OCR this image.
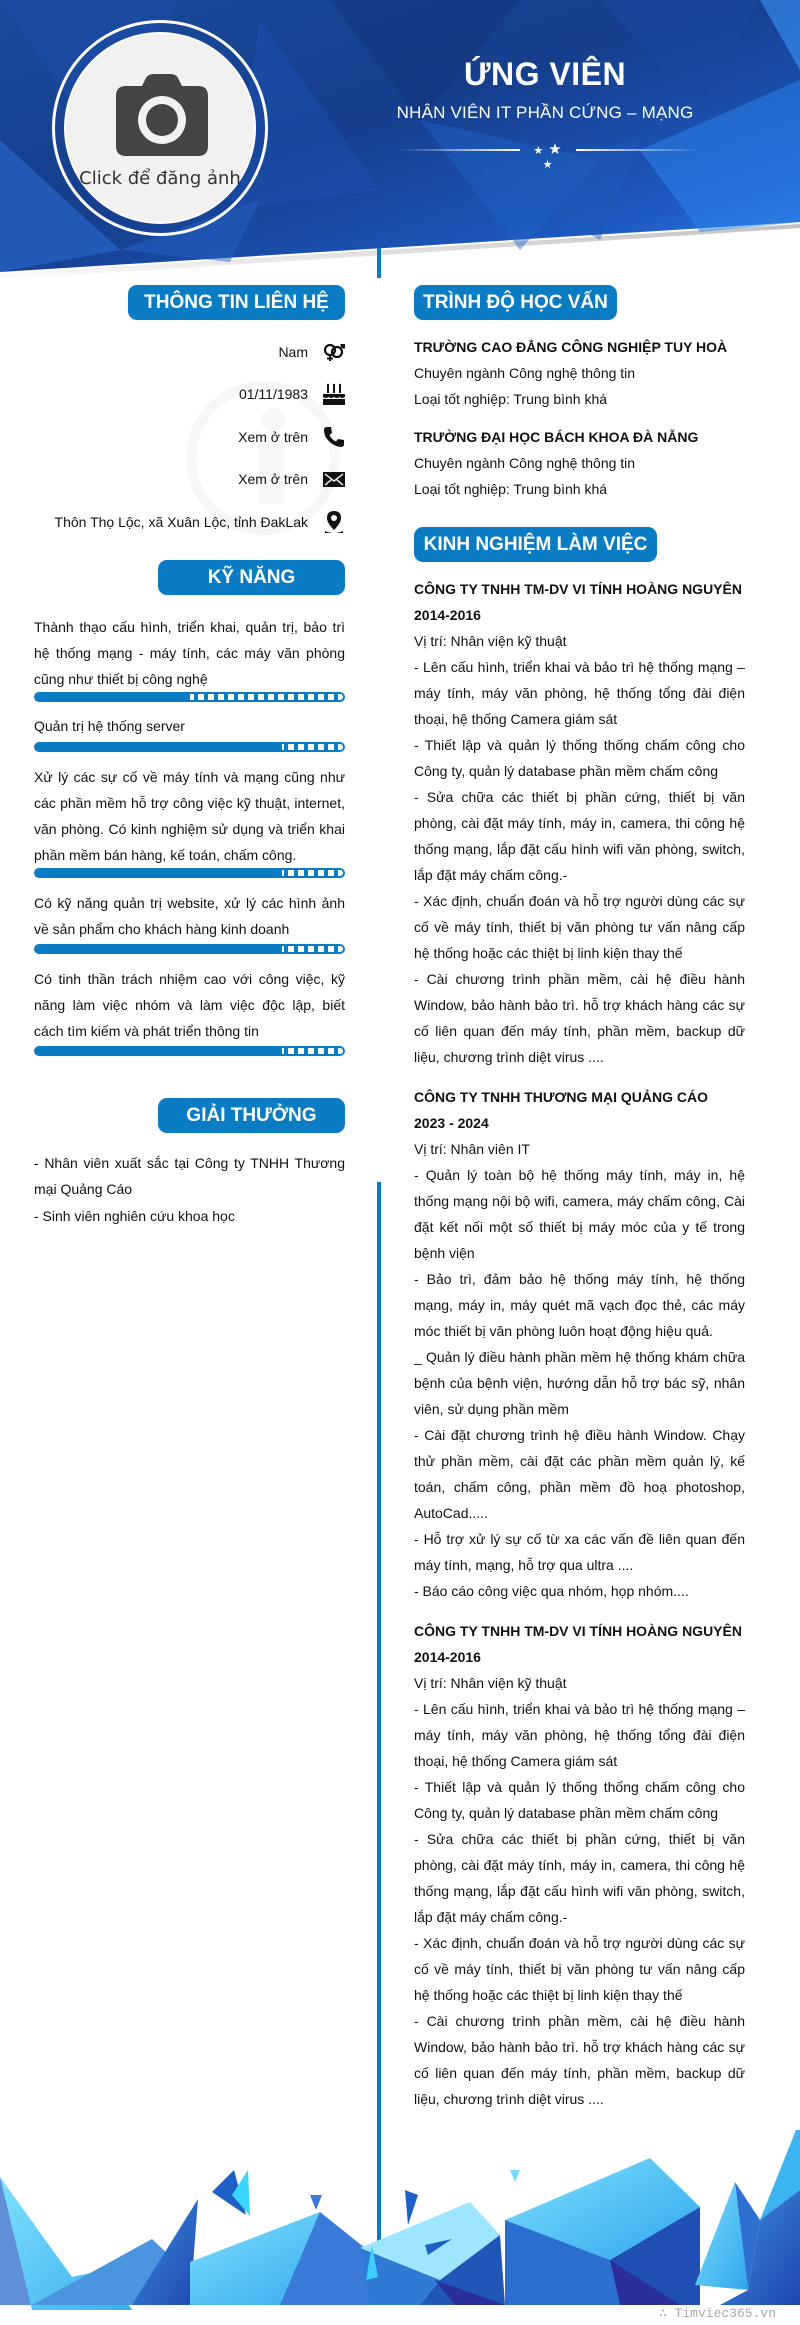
Click để đăng ảnh
ỨNG VIÊN
NHÂN VIÊN IT PHẦN CỨNG – MẠNG
★ ★ ★
THÔNG TIN LIÊN HỆ
Nam
01/11/1983
Xem ở trên
Xem ở trên
Thôn Thọ Lộc, xã Xuân Lộc, tỉnh ĐakLak
KỸ NĂNG
Thành thạo cấu hình, triển khai, quản trị, bảo trì hệ thống mạng - máy tính, các máy văn phòng cũng như thiết bị công nghệ
Quản trị hệ thống server
Xử lý các sự cố về máy tính và mạng cũng như các phần mềm hỗ trợ công việc kỹ thuật, internet, văn phòng. Có kinh nghiệm sử dụng và triển khai phần mềm bán hàng, kế toán, chấm công.
Có kỹ năng quản trị website, xử lý các hình ảnh về sản phẩm cho khách hàng kinh doanh
Có tinh thần trách nhiệm cao với công việc, kỹ năng làm việc nhóm và làm việc độc lập, biết cách tìm kiếm và phát triển thông tin
GIẢI THƯỞNG
- Nhân viên xuất sắc tại Công ty TNHH Thương mại Quảng Cáo
- Sinh viên nghiên cứu khoa học
TRÌNH ĐỘ HỌC VẤN
TRƯỜNG CAO ĐẲNG CÔNG NGHIỆP TUY HOÀ
Chuyên ngành Công nghệ thông tin
Loại tốt nghiệp: Trung bình khá
TRƯỜNG ĐẠI HỌC BÁCH KHOA ĐÀ NẴNG
Chuyên ngành Công nghệ thông tin
Loại tốt nghiệp: Trung bình khá
KINH NGHIỆM LÀM VIỆC
CÔNG TY TNHH TM-DV VI TÍNH HOÀNG NGUYÊN
2014-2016
Vị trí: Nhân viện kỹ thuật

- Lên cấu hình, triển khai và bảo trì hệ thống mạng – máy tính, máy văn phòng, hệ thống tổng đài điện thoại, hệ thống Camera giám sát

- Thiết lập và quản lý thống thống chấm công cho Công ty, quản lý database phần mềm chấm công

- Sửa chữa các thiết bị phần cứng, thiết bị văn phòng, cài đặt máy tính, máy in, camera, thi công hệ thống mạng, lắp đặt cấu hình wifi văn phòng, switch, lắp đặt máy chấm công.-

- Xác định, chuẩn đoán và hỗ trợ người dùng các sự cố về máy tính, thiết bị văn phòng tư vấn nâng cấp hệ thống hoặc các thiệt bị linh kiện thay thế

- Cài chương trình phần mềm, cài hệ điều hành Window, bảo hành bảo trì. hỗ trợ khách hàng các sự cố liên quan đến máy tính, phần mềm, backup dữ liệu, chương trình diệt virus ....

CÔNG TY TNHH THƯƠNG MẠI QUẢNG CÁO
2023 - 2024
Vị trí: Nhân viên IT

- Quản lý toàn bộ hệ thống máy tính, máy in, hệ thống mạng nội bộ wifi, camera, máy chấm công, Cài đặt kết nối một số thiết bị máy móc của y tế trong bệnh viện

- Bảo trì, đảm bảo hệ thống máy tính, hệ thống mạng, máy in, máy quét mã vạch đọc thẻ, các máy móc thiết bị văn phòng luôn hoạt động hiệu quả.

_ Quản lý điều hành phần mềm hệ thống khám chữa bệnh của bệnh viện, hướng dẫn hỗ trợ bác sỹ, nhân viên, sử dụng phần mềm

- Cài đặt chương trình hệ điều hành Window. Chạy thử phần mềm, cài đặt các phần mềm quản lý, kế toán, chấm công, phần mềm đồ hoạ photoshop, AutoCad.....

- Hỗ trợ xử lý sự cố từ xa các vấn đề liên quan đến máy tính, mạng, hỗ trợ qua ultra ....

- Báo cáo công việc qua nhóm, họp nhóm....

CÔNG TY TNHH TM-DV VI TÍNH HOÀNG NGUYÊN
2014-2016
Vị trí: Nhân viện kỹ thuật

- Lên cấu hình, triển khai và bảo trì hệ thống mạng – máy tính, máy văn phòng, hệ thống tổng đài điện thoại, hệ thống Camera giám sát

- Thiết lập và quản lý thống thống chấm công cho Công ty, quản lý database phần mềm chấm công

- Sửa chữa các thiết bị phần cứng, thiết bị văn phòng, cài đặt máy tính, máy in, camera, thi công hệ thống mạng, lắp đặt cấu hình wifi văn phòng, switch, lắp đặt máy chấm công.-

- Xác định, chuẩn đoán và hỗ trợ người dùng các sự cố về máy tính, thiết bị văn phòng tư vấn nâng cấp hệ thống hoặc các thiệt bị linh kiện thay thế

- Cài chương trình phần mềm, cài hệ điều hành Window, bảo hành bảo trì. hỗ trợ khách hàng các sự cố liên quan đến máy tính, phần mềm, backup dữ liệu, chương trình diệt virus ....

∴ Timviec365.vn
